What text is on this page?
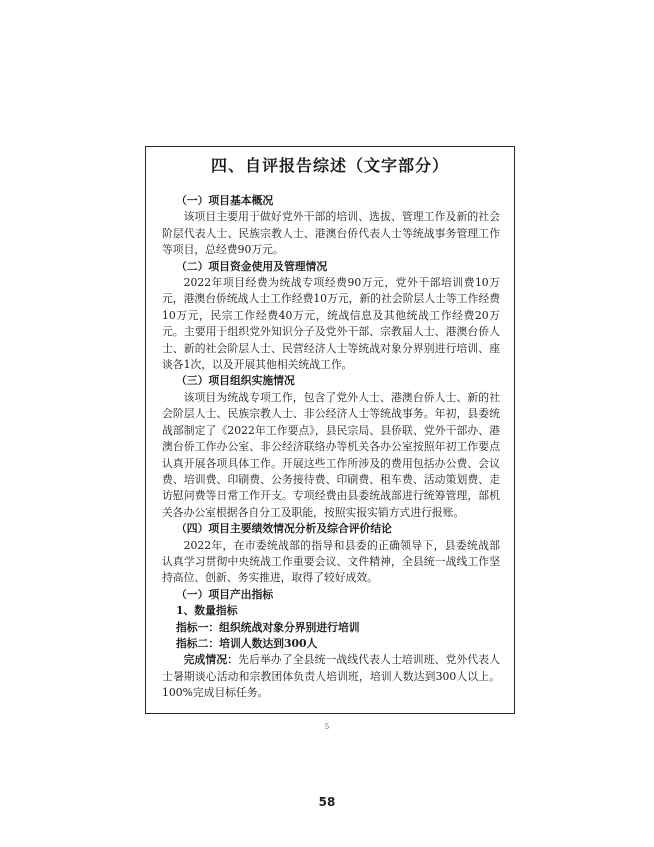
四、自评报告综述（文字部分）

（一）项目基本概况

该项目主要用于做好党外干部的培训、选拔、管理工作及新的社会阶层代表人士、民族宗教人士、港澳台侨代表人士等统战事务管理工作等项目，总经费90万元。

（二）项目资金使用及管理情况

2022年项目经费为统战专项经费90万元，党外干部培训费10万元，港澳台侨统战人士工作经费10万元，新的社会阶层人士等工作经费10万元，民宗工作经费40万元，统战信息及其他统战工作经费20万元。主要用于组织党外知识分子及党外干部、宗教届人士、港澳台侨人士、新的社会阶层人士、民营经济人士等统战对象分界别进行培训、座谈各1次，以及开展其他相关统战工作。

（三）项目组织实施情况

该项目为统战专项工作，包含了党外人士、港澳台侨人士、新的社会阶层人士、民族宗教人士、非公经济人士等统战事务。年初，县委统战部制定了《2022年工作要点》，县民宗局、县侨联、党外干部办、港澳台侨工作办公室、非公经济联络办等机关各办公室按照年初工作要点认真开展各项具体工作。开展这些工作所涉及的费用包括办公费、会议费、培训费、印刷费、公务接待费、印刷费、租车费、活动策划费、走访慰问费等日常工作开支。专项经费由县委统战部进行统筹管理，部机关各办公室根据各自分工及职能，按照实报实销方式进行报账。

（四）项目主要绩效情况分析及综合评价结论

2022年，在市委统战部的指导和县委的正确领导下，县委统战部认真学习贯彻中央统战工作重要会议、文件精神，全县统一战线工作坚持高位、创新、务实推进，取得了较好成效。

（一）项目产出指标

1、数量指标

指标一：组织统战对象分界别进行培训

指标二：培训人数达到300人

完成情况：先后举办了全县统一战线代表人士培训班、党外代表人士暑期谈心活动和宗教团体负责人培训班，培训人数达到300人以上。100%完成目标任务。

5
58
